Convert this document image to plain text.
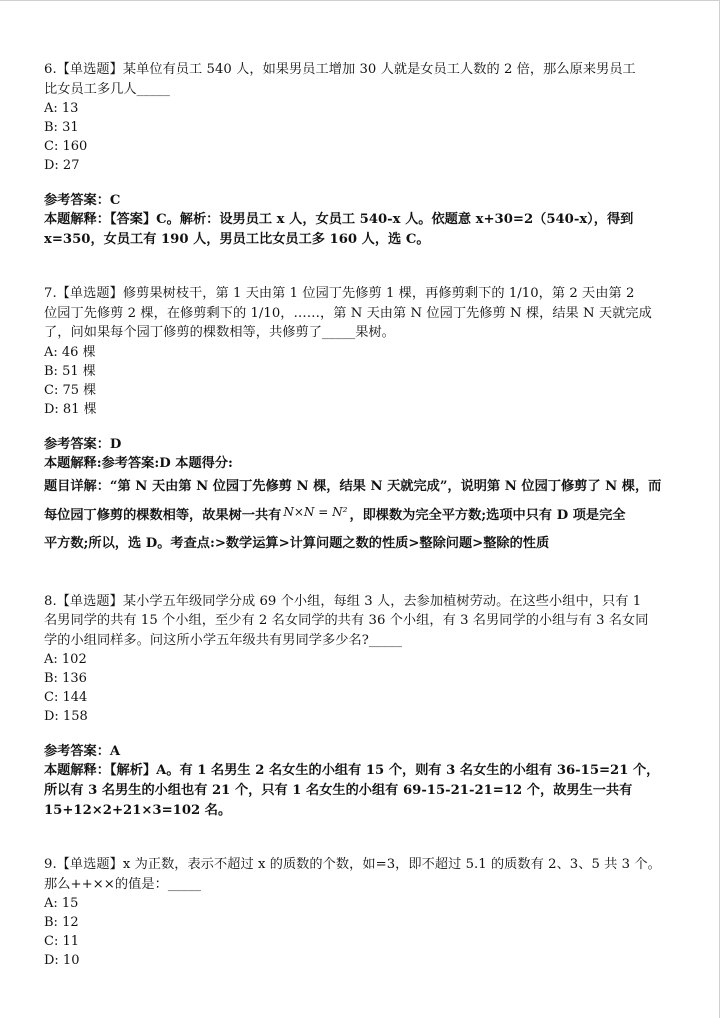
6.【单选题】某单位有员工 540 人，如果男员工增加 30 人就是女员工人数的 2 倍，那么原来男员工

比女员工多几人_____

A: 13

B: 31

C: 160

D: 27

参考答案：C

本题解释：【答案】C。解析：设男员工 x 人，女员工 540-x 人。依题意 x+30=2（540-x），得到

x=350，女员工有 190 人，男员工比女员工多 160 人，选 C。

7.【单选题】修剪果树枝干，第 1 天由第 1 位园丁先修剪 1 棵，再修剪剩下的 1/10，第 2 天由第 2

位园丁先修剪 2 棵，在修剪剩下的 1/10，……，第 N 天由第 N 位园丁先修剪 N 棵，结果 N 天就完成

了，问如果每个园丁修剪的棵数相等，共修剪了_____果树。

A: 46 棵

B: 51 棵

C: 75 棵

D: 81 棵

参考答案：D

本题解释:参考答案:D 本题得分:

题目详解：“第 N 天由第 N 位园丁先修剪 N 棵，结果 N 天就完成”，说明第 N 位园丁修剪了 N 棵，而

每位园丁修剪的棵数相等，故果树一共有 N×N = N² ，即棵数为完全平方数;选项中只有 D 项是完全

平方数;所以，选 D。考查点:>数学运算>计算问题之数的性质>整除问题>整除的性质

8.【单选题】某小学五年级同学分成 69 个小组，每组 3 人，去参加植树劳动。在这些小组中，只有 1

名男同学的共有 15 个小组，至少有 2 名女同学的共有 36 个小组，有 3 名男同学的小组与有 3 名女同

学的小组同样多。问这所小学五年级共有男同学多少名?_____

A: 102

B: 136

C: 144

D: 158

参考答案：A

本题解释：【解析】A。有 1 名男生 2 名女生的小组有 15 个，则有 3 名女生的小组有 36-15=21 个，

所以有 3 名男生的小组也有 21 个，只有 1 名女生的小组有 69-15-21-21=12 个，故男生一共有

15+12×2+21×3=102 名。

9.【单选题】x 为正数，表示不超过 x 的质数的个数，如=3，即不超过 5.1 的质数有 2、3、5 共 3 个。

那么++××的值是：_____

A: 15

B: 12

C: 11

D: 10
